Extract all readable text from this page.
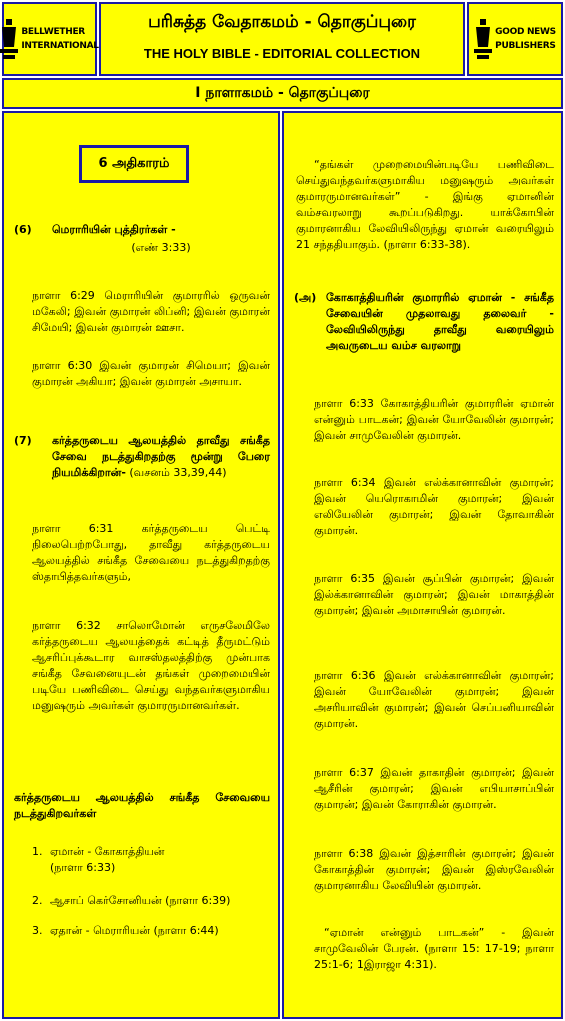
BELLWETHER
INTERNATIONAL
பரிசுத்த வேதாகமம் - தொகுப்புரை
THE HOLY BIBLE - EDITORIAL COLLECTION
GOOD NEWS
PUBLISHERS
I நாளாகமம் - தொகுப்புரை
6 அதிகாரம்
(6) மெராரியின் புத்திரர்கள் -
(எண் 3:33)
நாளா 6:29 மெராரியின் குமாரரில் ஒருவன் மகேலி; இவன் குமாரன் லிப்னி; இவன் குமாரன் சிமேயி; இவன் குமாரன் ஊசா.
நாளா 6:30 இவன் குமாரன் சிமெயா; இவன் குமாரன் அகியா; இவன் குமாரன் அசாயா.
(7) கர்த்தருடைய ஆலயத்தில் தாவீது சங்கீத சேவை நடத்துகிறதற்கு மூன்று பேரை நியமிக்கிறான்- (வசனம் 33,39,44)
நாளா 6:31 கர்த்தருடைய பெட்டி நிலைபெற்றபோது, தாவீது கர்த்தருடைய ஆலயத்தில் சங்கீத சேவையை நடத்துகிறதற்கு ஸ்தாபித்தவர்களும்,
நாளா 6:32 சாலொமோன் எருசலேமிலே கர்த்தருடைய ஆலயத்தைக் கட்டித் தீருமட்டும் ஆசரிப்புக்கூடார வாசஸ்தலத்திற்கு முன்பாக சங்கீத சேவனையுடன் தங்கள் முறைமையின் படியே பணிவிடை செய்து வந்தவர்களுமாகிய மனுஷரும் அவர்கள் குமாரருமானவர்கள்.
கர்த்தருடைய ஆலயத்தில் சங்கீத சேவையை நடத்துகிறவர்கள்
1. ஏமான் - கோகாத்தியன்
(நாளா 6:33)
2. ஆசாப் கெர்சோனியன் (நாளா 6:39)
3. ஏதான் - மெராரியன் (நாளா 6:44)
“தங்கள் முறைமையின்படியே பணிவிடை செய்துவந்தவர்களுமாகிய மனுஷரும் அவர்கள் குமாரருமானவர்கள்” - இங்கு ஏமானின் வம்சவரலாறு கூறப்படுகிறது. யாக்கோபின் குமாரனாகிய லேவியிலிருந்து ஏமான் வரையிலும் 21 சந்ததியாகும். (நாளா 6:33-38).
(அ) கோகாத்தியரின் குமாரரில் ஏமான் - சங்கீத சேவையின் முதலாவது தலைவர் - லேவியிலிருந்து தாவீது வரையிலும் அவருடைய வம்ச வரலாறு
நாளா 6:33 கோகாத்தியரின் குமாரரின் ஏமான் என்னும் பாடகன்; இவன் யோவேலின் குமாரன்; இவன் சாமுவேலின் குமாரன்.
நாளா 6:34 இவன் எல்க்கானாவின் குமாரன்; இவன் யெரொகாமின் குமாரன்; இவன் எலியேலின் குமாரன்; இவன் தோவாகின் குமாரன்.
நாளா 6:35 இவன் சூப்பின் குமாரன்; இவன் இல்க்கானாவின் குமாரன்; இவன் மாகாத்தின் குமாரன்; இவன் அமாசாயின் குமாரன்.
நாளா 6:36 இவன் எல்க்கானாவின் குமாரன்; இவன் யோவேலின் குமாரன்; இவன் அசரியாவின் குமாரன்; இவன் செப்பனியாவின் குமாரன்.
நாளா 6:37 இவன் தாகாதின் குமாரன்; இவன் ஆசீரின் குமாரன்; இவன் எபியாசாப்பின் குமாரன்; இவன் கோராகின் குமாரன்.
நாளா 6:38 இவன் இத்சாரின் குமாரன்; இவன் கோகாத்தின் குமாரன்; இவன் இஸ்ரவேலின் குமாரனாகிய லேவியின் குமாரன்.
“ஏமான் என்னும் பாடகன்” - இவன் சாமுவேலின் பேரன். (நாளா 15: 17-19; நாளா 25:1-6; 1இராஜா 4:31).
